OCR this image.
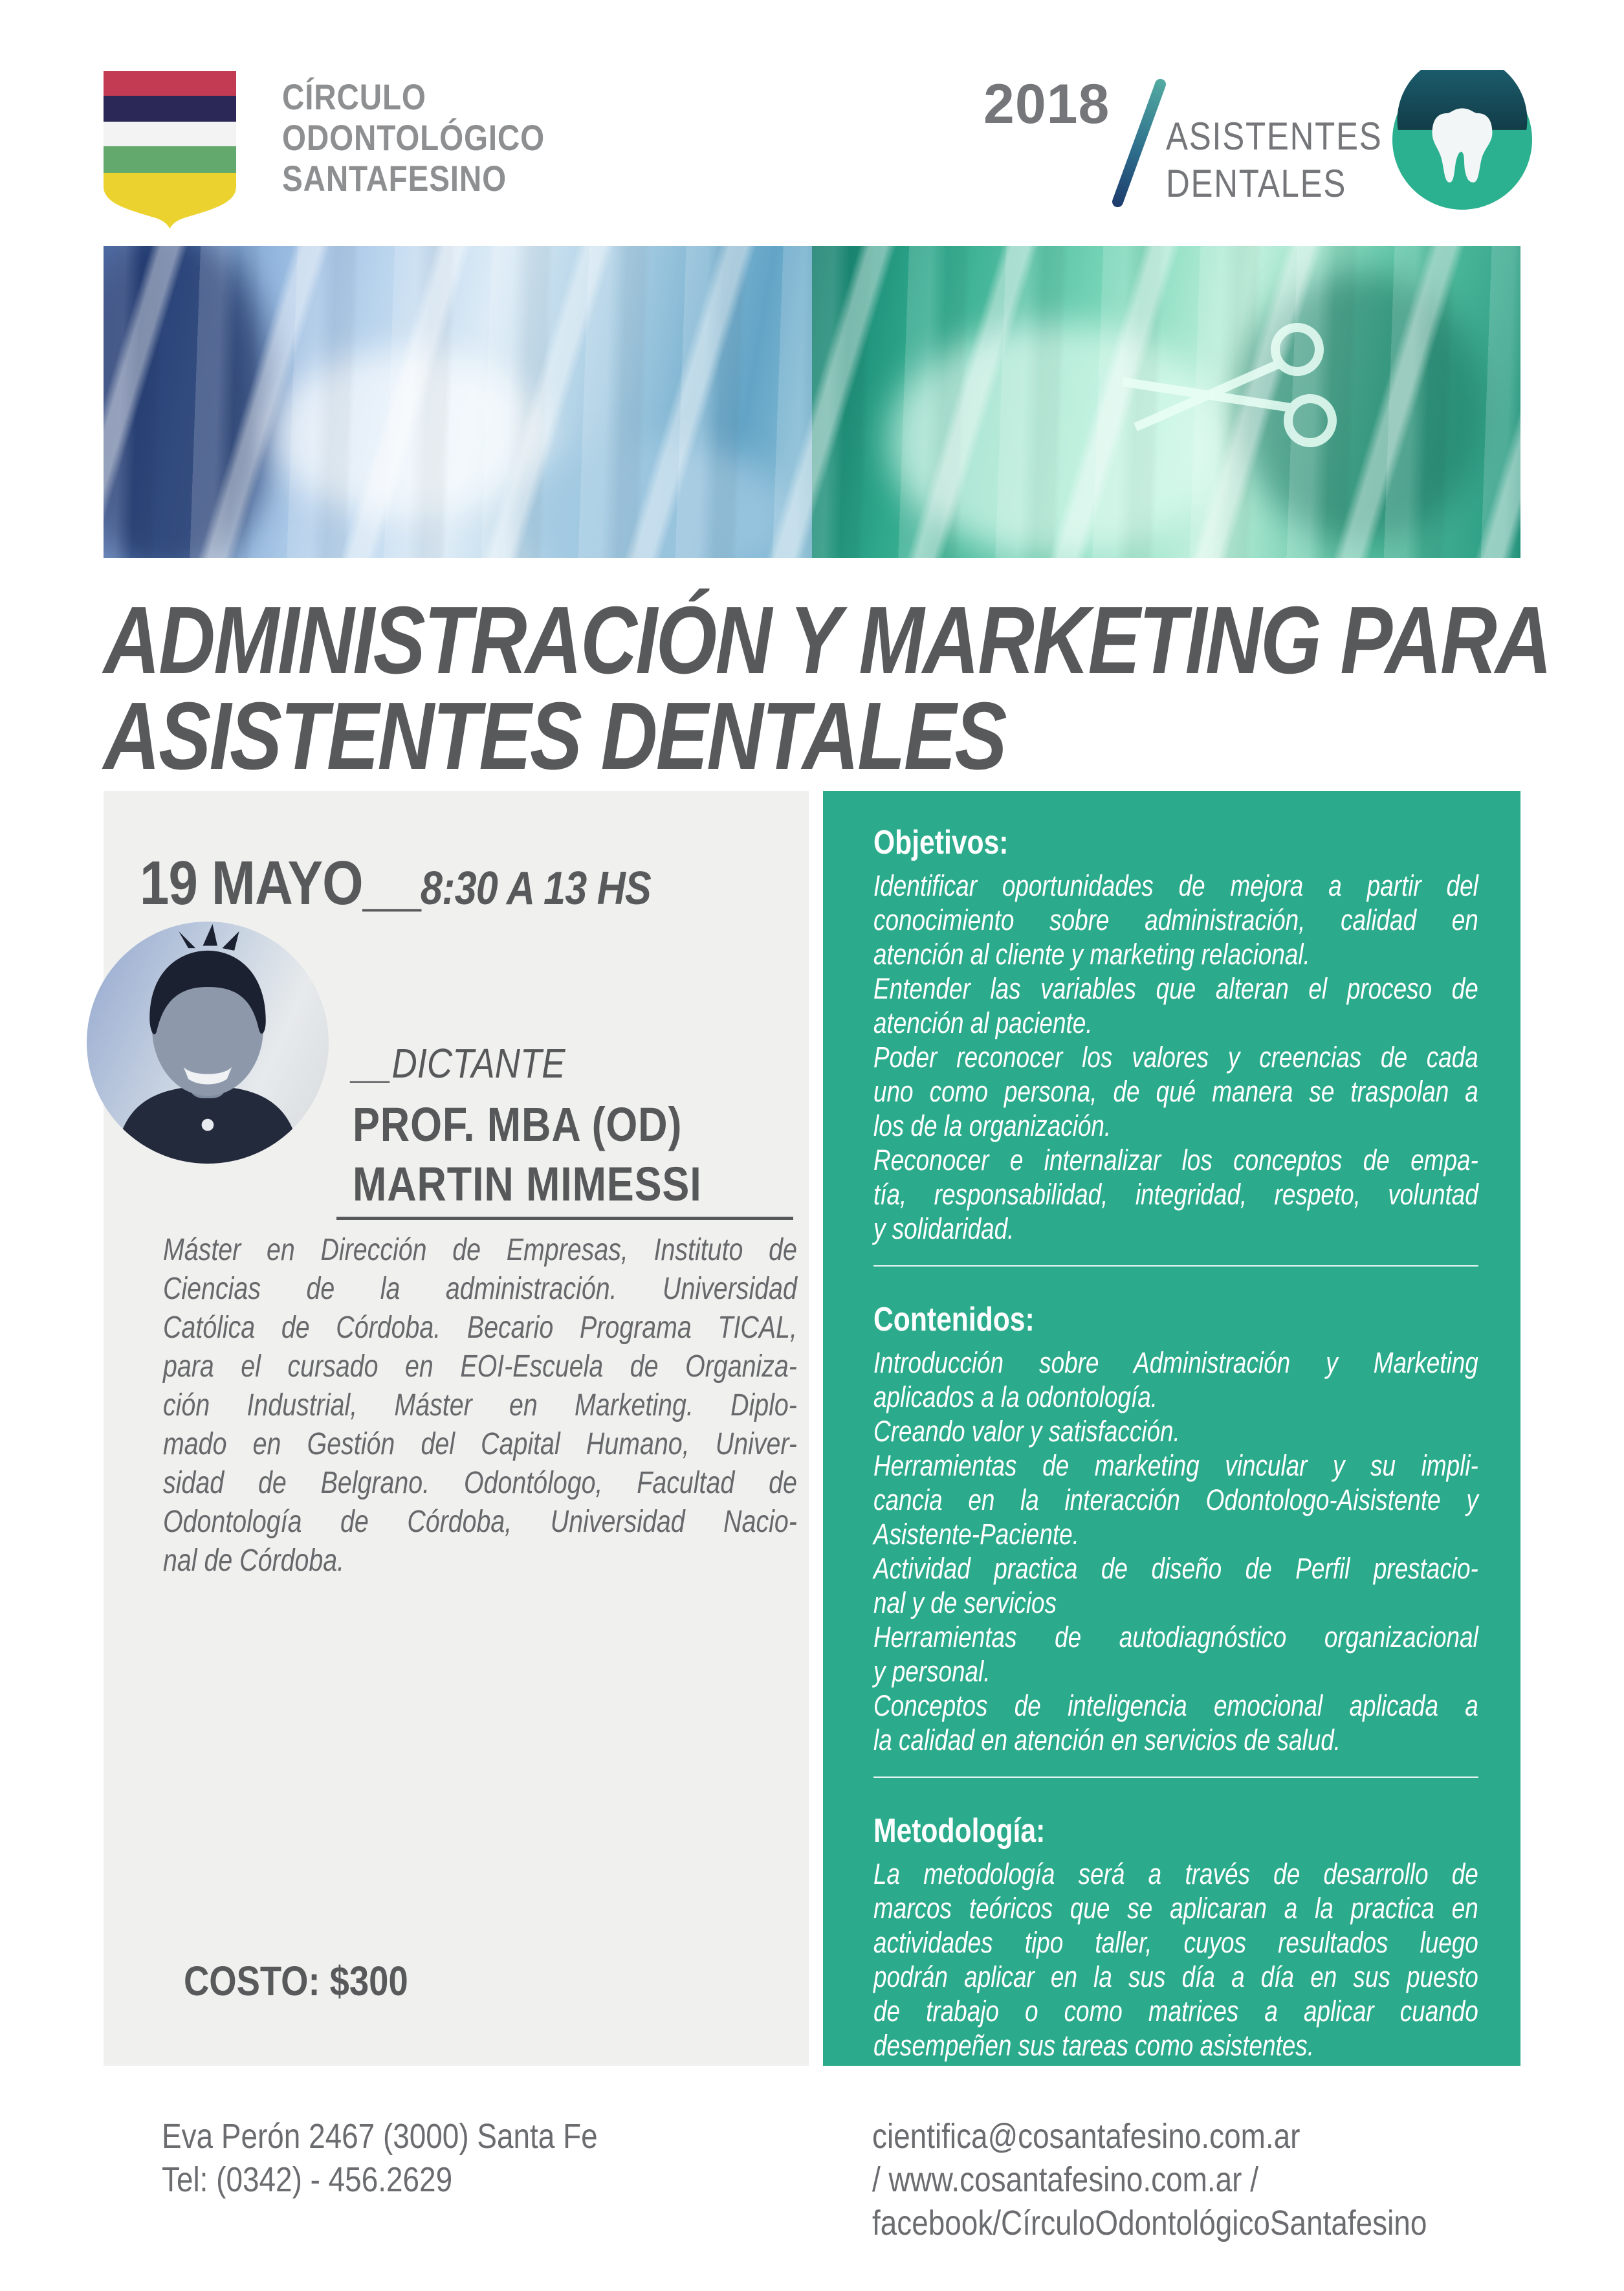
CÍRCULO
ODONTOLÓGICO
SANTAFESINO
2018
ASISTENTES
DENTALES
ADMINISTRACIÓN Y MARKETING PARA
ASISTENTES DENTALES
19 MAYO__8:30 A 13 HS
__DICTANTE
PROF. MBA (OD)
MARTIN MIMESSI
Máster en Dirección de Empresas, Instituto de
Ciencias de la administración. Universidad
Católica de Córdoba. Becario Programa TICAL,
para el cursado en EOI-Escuela de Organiza-
ción Industrial, Máster en Marketing. Diplo-
mado en Gestión del Capital Humano, Univer-
sidad de Belgrano. Odontólogo, Facultad de
Odontología de Córdoba, Universidad Nacio-
nal de Córdoba.
COSTO: $300
Objetivos:
Identificar oportunidades de mejora a partir del
conocimiento sobre administración, calidad en
atención al cliente y marketing relacional.
Entender las variables que alteran el proceso de
atención al paciente.
Poder reconocer los valores y creencias de cada
uno como persona, de qué manera se traspolan a
los de la organización.
Reconocer e internalizar los conceptos de empa-
tía, responsabilidad, integridad, respeto, voluntad
y solidaridad.
Contenidos:
Introducción sobre Administración y Marketing
aplicados a la odontología.
Creando valor y satisfacción.
Herramientas de marketing vincular y su impli-
cancia en la interacción Odontologo-Aisistente y
Asistente-Paciente.
Actividad practica de diseño de Perfil prestacio-
nal y de servicios
Herramientas de autodiagnóstico organizacional
y personal.
Conceptos de inteligencia emocional aplicada a
la calidad en atención en servicios de salud.
Metodología:
La metodología será a través de desarrollo de
marcos teóricos que se aplicaran a la practica en
actividades tipo taller, cuyos resultados luego
podrán aplicar en la sus día a día en sus puesto
de trabajo o como matrices a aplicar cuando
desempeñen sus tareas como asistentes.
Eva Perón 2467 (3000) Santa Fe
Tel: (0342) - 456.2629
cientifica@cosantafesino.com.ar
/ www.cosantafesino.com.ar /
facebook/CírculoOdontológicoSantafesino
